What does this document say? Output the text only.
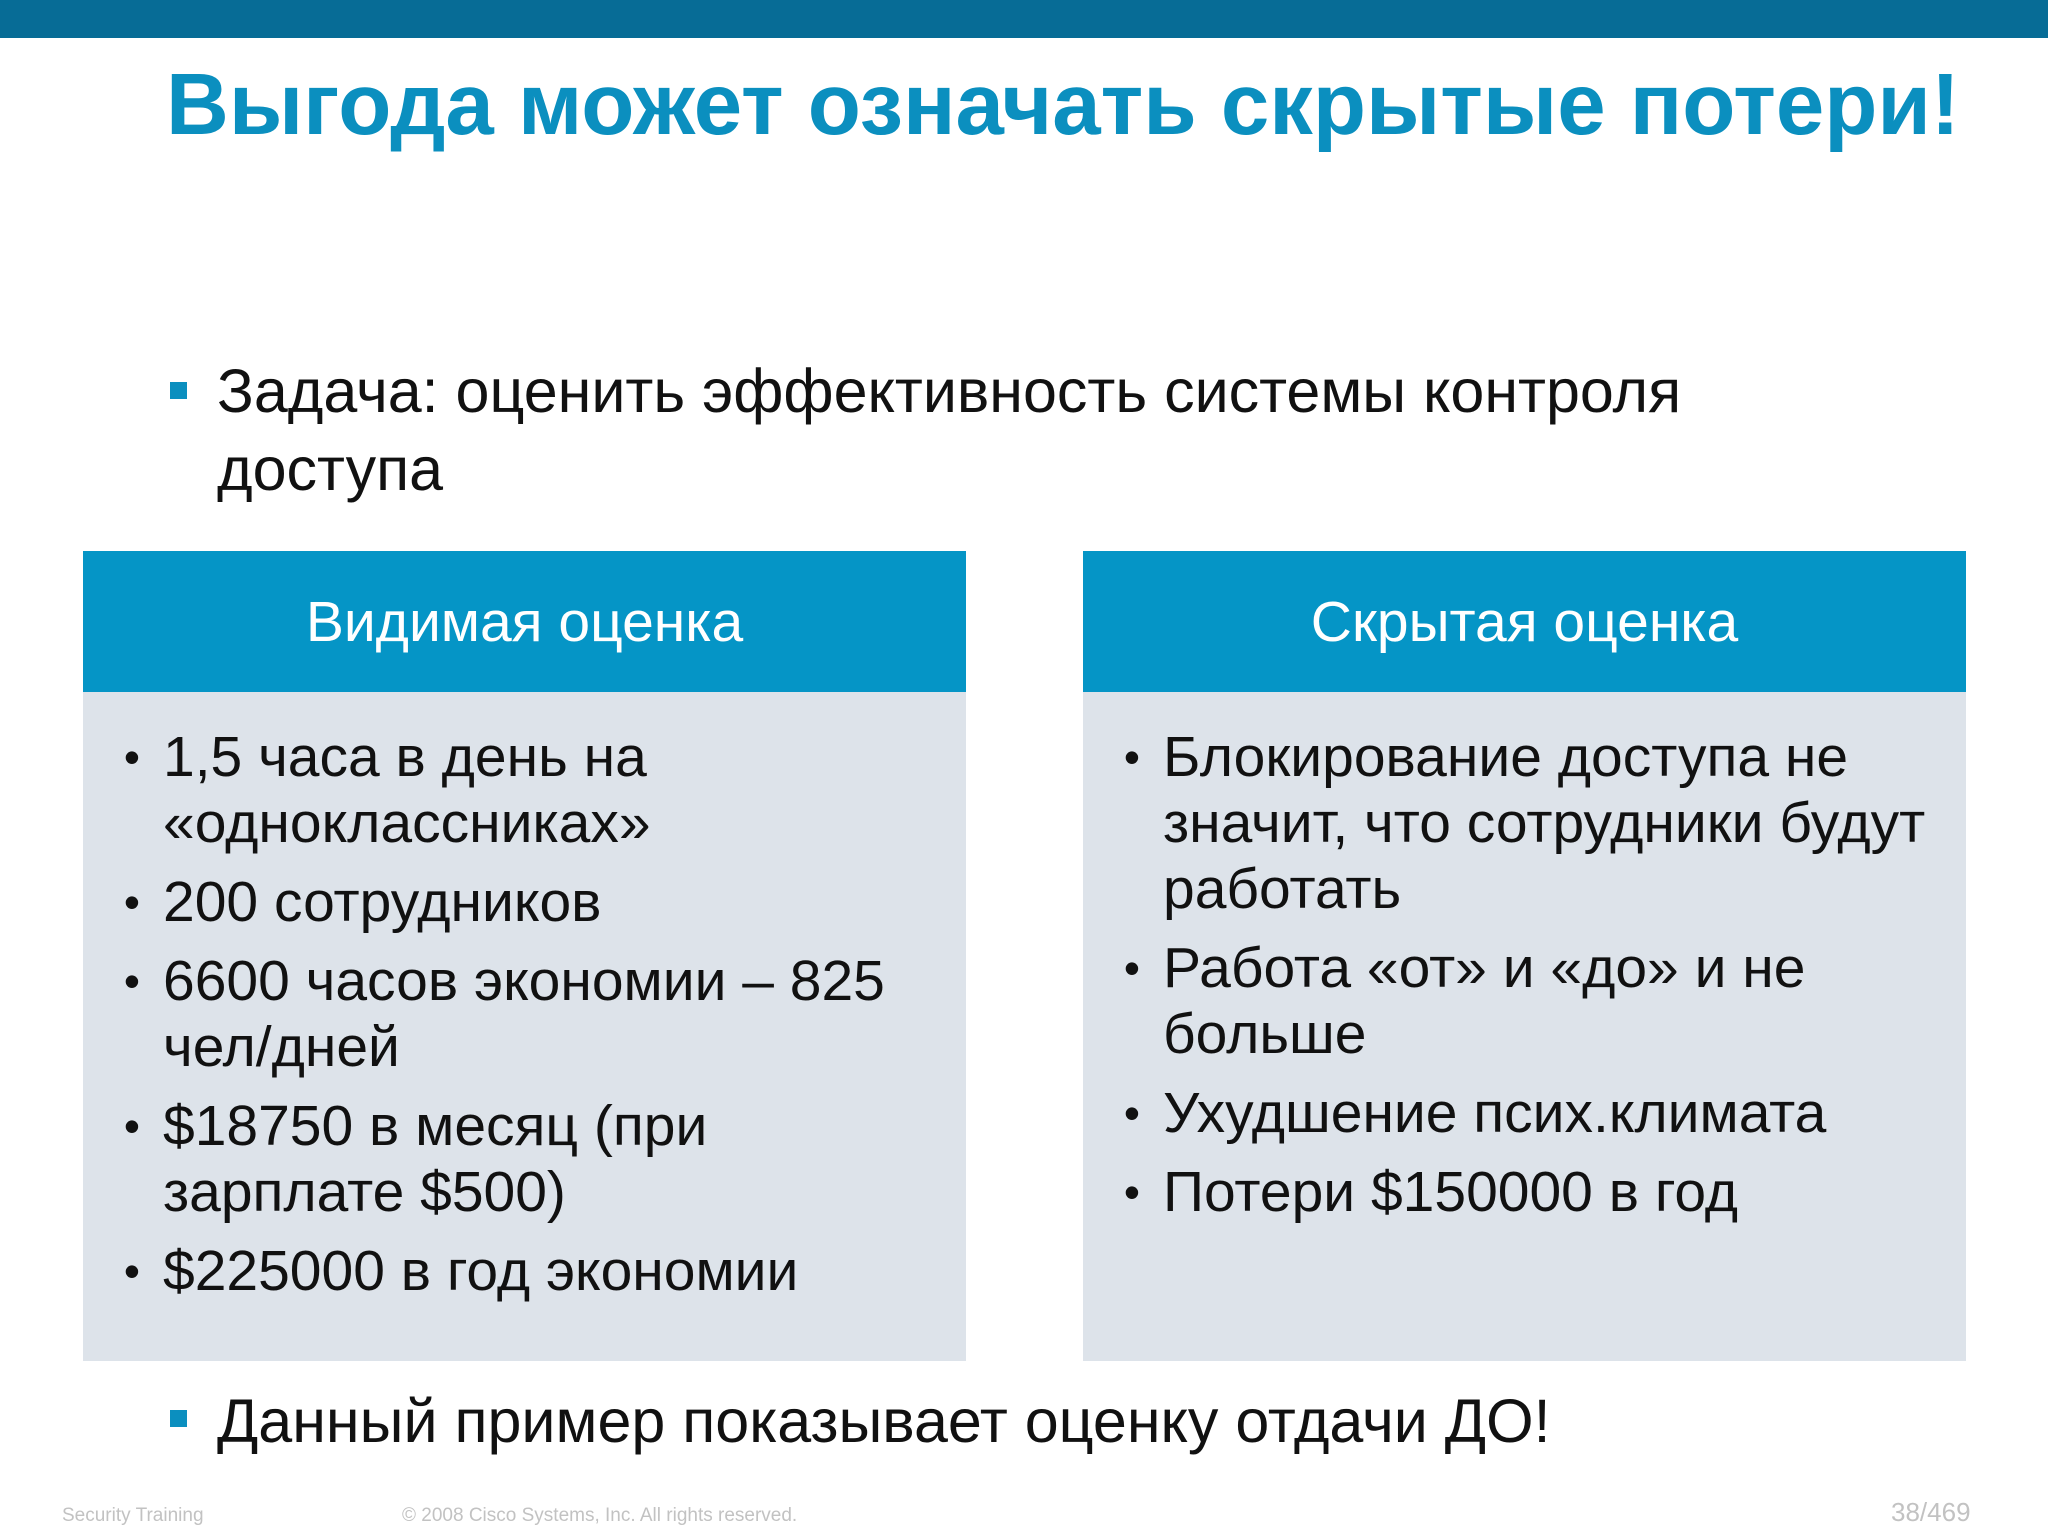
Выгода может означать скрытые потери!
Задача: оценить эффективность системы контроля доступа
Видимая оценка
• 1,5 часа в день на «одноклассниках»
• 200 сотрудников
• 6600 часов экономии – 825 чел/дней
• $18750 в месяц (при зарплате $500)
• $225000 в год экономии
Скрытая оценка
• Блокирование доступа не значит, что сотрудники будут работать
• Работа «от» и «до» и не больше
• Ухудшение псих.климата
• Потери $150000 в год
Данный пример показывает оценку отдачи ДО!
Security Training	© 2008 Cisco Systems, Inc. All rights reserved.	38/469
